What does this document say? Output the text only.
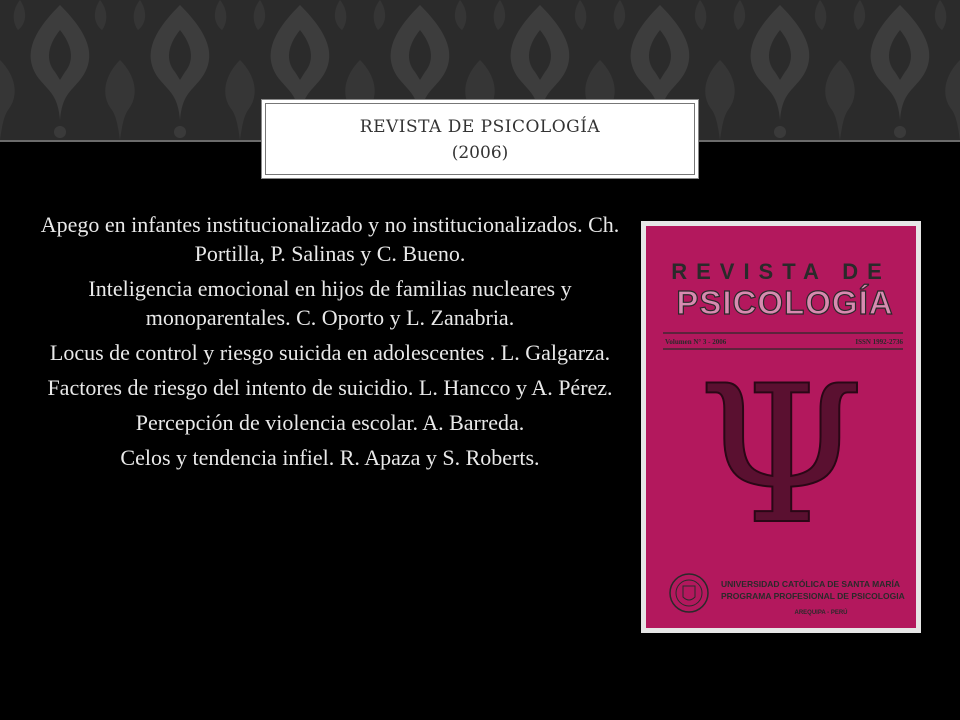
REVISTA DE PSICOLOGÍA
(2006)

Apego en infantes institucionalizado y no institucionalizados. Ch. Portilla, P. Salinas y C. Bueno.

Inteligencia emocional en hijos de familias nucleares y monoparentales. C. Oporto y L. Zanabria.

Locus de control y riesgo suicida en adolescentes . L. Galgarza.

Factores de riesgo del intento de suicidio. L. Hancco y A. Pérez.

Percepción de violencia escolar. A. Barreda.

Celos y tendencia infiel. R. Apaza y S. Roberts.

REVISTA DE
PSICOLOGÍA
Volumen N° 3 - 2006	ISSN 1992-2736
Ψ
UNIVERSIDAD CATÓLICA DE SANTA MARÍA
PROGRAMA PROFESIONAL DE PSICOLOGIA
AREQUIPA - PERÚ
